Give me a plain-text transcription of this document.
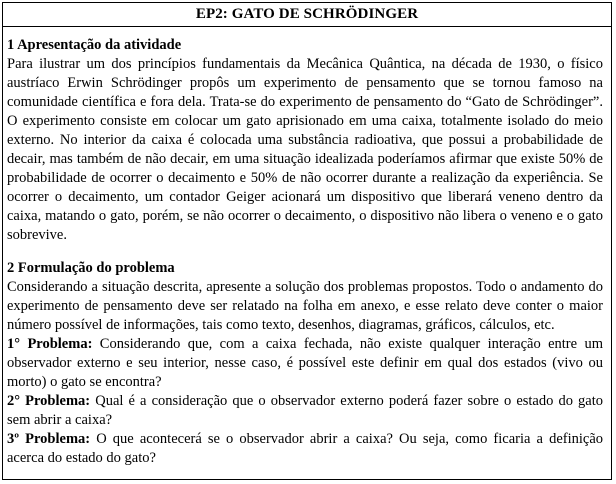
EP2: GATO DE SCHRÖDINGER

1 Apresentação da atividade

Para ilustrar um dos princípios fundamentais da Mecânica Quântica, na década de 1930, o físico austríaco Erwin Schrödinger propôs um experimento de pensamento que se tornou famoso na comunidade científica e fora dela. Trata-se do experimento de pensamento do “Gato de Schrödinger”. O experimento consiste em colocar um gato aprisionado em uma caixa, totalmente isolado do meio externo. No interior da caixa é colocada uma substância radioativa, que possui a probabilidade de decair, mas também de não decair, em uma situação idealizada poderíamos afirmar que existe 50% de probabilidade de ocorrer o decaimento e 50% de não ocorrer durante a realização da experiência. Se ocorrer o decaimento, um contador Geiger acionará um dispositivo que liberará veneno dentro da caixa, matando o gato, porém, se não ocorrer o decaimento, o dispositivo não libera o veneno e o gato sobrevive.

2 Formulação do problema

Considerando a situação descrita, apresente a solução dos problemas propostos. Todo o andamento do experimento de pensamento deve ser relatado na folha em anexo, e esse relato deve conter o maior número possível de informações, tais como texto, desenhos, diagramas, gráficos, cálculos, etc.

1° Problema: Considerando que, com a caixa fechada, não existe qualquer interação entre um observador externo e seu interior, nesse caso, é possível este definir em qual dos estados (vivo ou morto) o gato se encontra?

2° Problema: Qual é a consideração que o observador externo poderá fazer sobre o estado do gato sem abrir a caixa?

3º Problema: O que acontecerá se o observador abrir a caixa? Ou seja, como ficaria a definição acerca do estado do gato?
